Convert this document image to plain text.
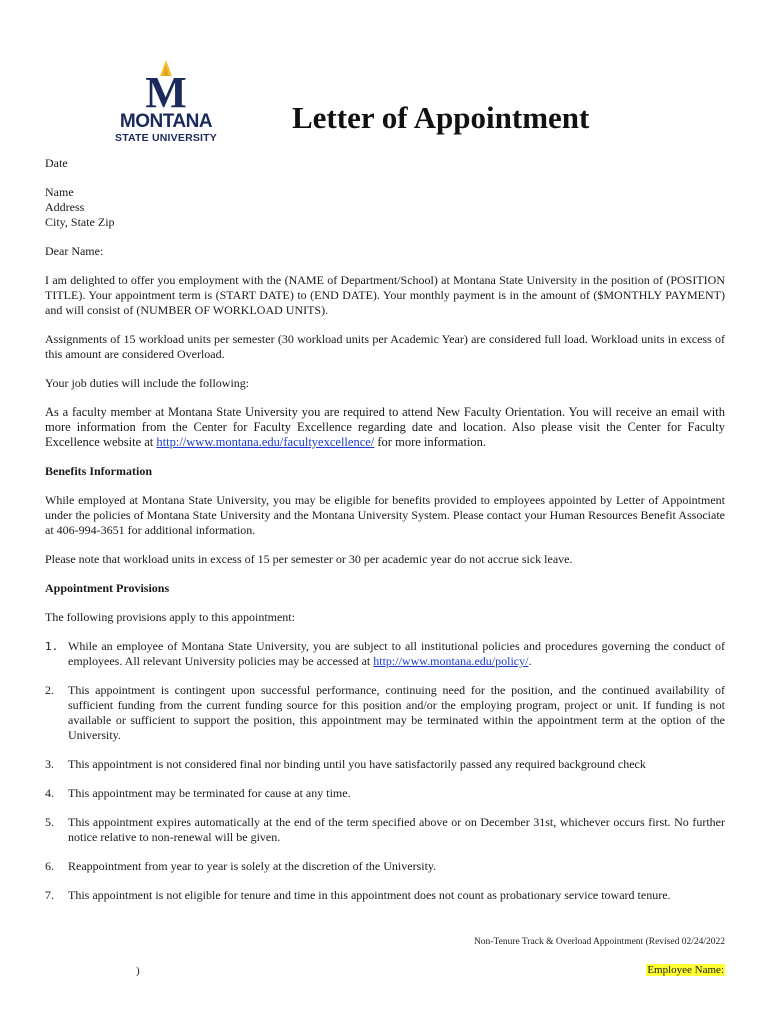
M
MONTANA
STATE UNIVERSITY
Letter of Appointment

Date

Name

Address

City, State Zip

Dear Name:

I am delighted to offer you employment with the (NAME of Department/School) at Montana State University in the position of (POSITION TITLE). Your appointment term is (START DATE) to (END DATE). Your monthly payment is in the amount of ($MONTHLY PAYMENT) and will consist of (NUMBER OF WORKLOAD UNITS).

Assignments of 15 workload units per semester (30 workload units per Academic Year) are considered full load. Workload units in excess of this amount are considered Overload.

Your job duties will include the following:

As a faculty member at Montana State University you are required to attend New Faculty Orientation. You will receive an email with more information from the Center for Faculty Excellence regarding date and location. Also please visit the Center for Faculty Excellence website at http://www.montana.edu/facultyexcellence/ for more information.

Benefits Information

While employed at Montana State University, you may be eligible for benefits provided to employees appointed by Letter of Appointment under the policies of Montana State University and the Montana University System. Please contact your Human Resources Benefit Associate at 406-994-3651 for additional information.

Please note that workload units in excess of 15 per semester or 30 per academic year do not accrue sick leave.

Appointment Provisions

The following provisions apply to this appointment:

1. While an employee of Montana State University, you are subject to all institutional policies and procedures governing the conduct of employees. All relevant University policies may be accessed at http://www.montana.edu/policy/.
2. This appointment is contingent upon successful performance, continuing need for the position, and the continued availability of sufficient funding from the current funding source for this position and/or the employing program, project or unit. If funding is not available or sufficient to support the position, this appointment may be terminated within the appointment term at the option of the University.
3. This appointment is not considered final nor binding until you have satisfactorily passed any required background check
4. This appointment may be terminated for cause at any time.
5. This appointment expires automatically at the end of the term specified above or on December 31st, whichever occurs first. No further notice relative to non-renewal will be given.
6. Reappointment from year to year is solely at the discretion of the University.
7. This appointment is not eligible for tenure and time in this appointment does not count as probationary service toward tenure.
Non-Tenure Track & Overload Appointment (Revised 02/24/2022
)	Employee Name:
